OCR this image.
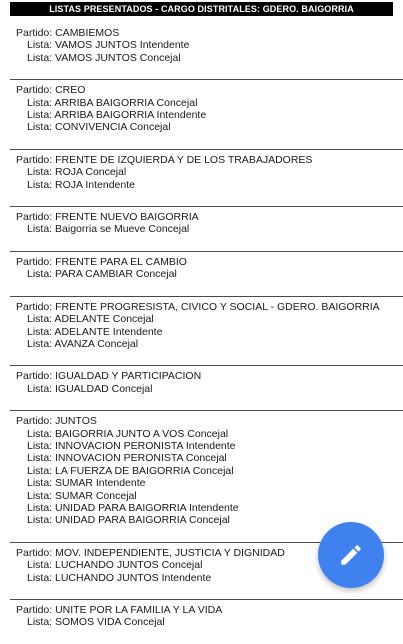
LISTAS PRESENTADOS - CARGO DISTRITALES: GDERO. BAIGORRIA
Partido: CAMBIEMOS
Lista: VAMOS JUNTOS Intendente
Lista: VAMOS JUNTOS Concejal
Partido: CREO
Lista: ARRIBA BAIGORRIA Concejal
Lista: ARRIBA BAIGORRIA Intendente
Lista: CONVIVENCIA Concejal
Partido: FRENTE DE IZQUIERDA Y DE LOS TRABAJADORES
Lista: ROJA Concejal
Lista: ROJA Intendente
Partido: FRENTE NUEVO BAIGORRIA
Lista: Baigorria se Mueve Concejal
Partido: FRENTE PARA EL CAMBIO
Lista: PARA CAMBIAR Concejal
Partido: FRENTE PROGRESISTA, CIVICO Y SOCIAL - GDERO. BAIGORRIA
Lista: ADELANTE Concejal
Lista: ADELANTE Intendente
Lista: AVANZA Concejal
Partido: IGUALDAD Y PARTICIPACION
Lista: IGUALDAD Concejal
Partido: JUNTOS
Lista: BAIGORRIA JUNTO A VOS Concejal
Lista: INNOVACION PERONISTA Intendente
Lista: INNOVACION PERONISTA Concejal
Lista: LA FUERZA DE BAIGORRIA Concejal
Lista: SUMAR Intendente
Lista: SUMAR Concejal
Lista: UNIDAD PARA BAIGORRIA Intendente
Lista: UNIDAD PARA BAIGORRIA Concejal
Partido: MOV. INDEPENDIENTE, JUSTICIA Y DIGNIDAD
Lista: LUCHANDO JUNTOS Concejal
Lista: LUCHANDO JUNTOS Intendente
Partido: UNITE POR LA FAMILIA Y LA VIDA
Lista: SOMOS VIDA Concejal
